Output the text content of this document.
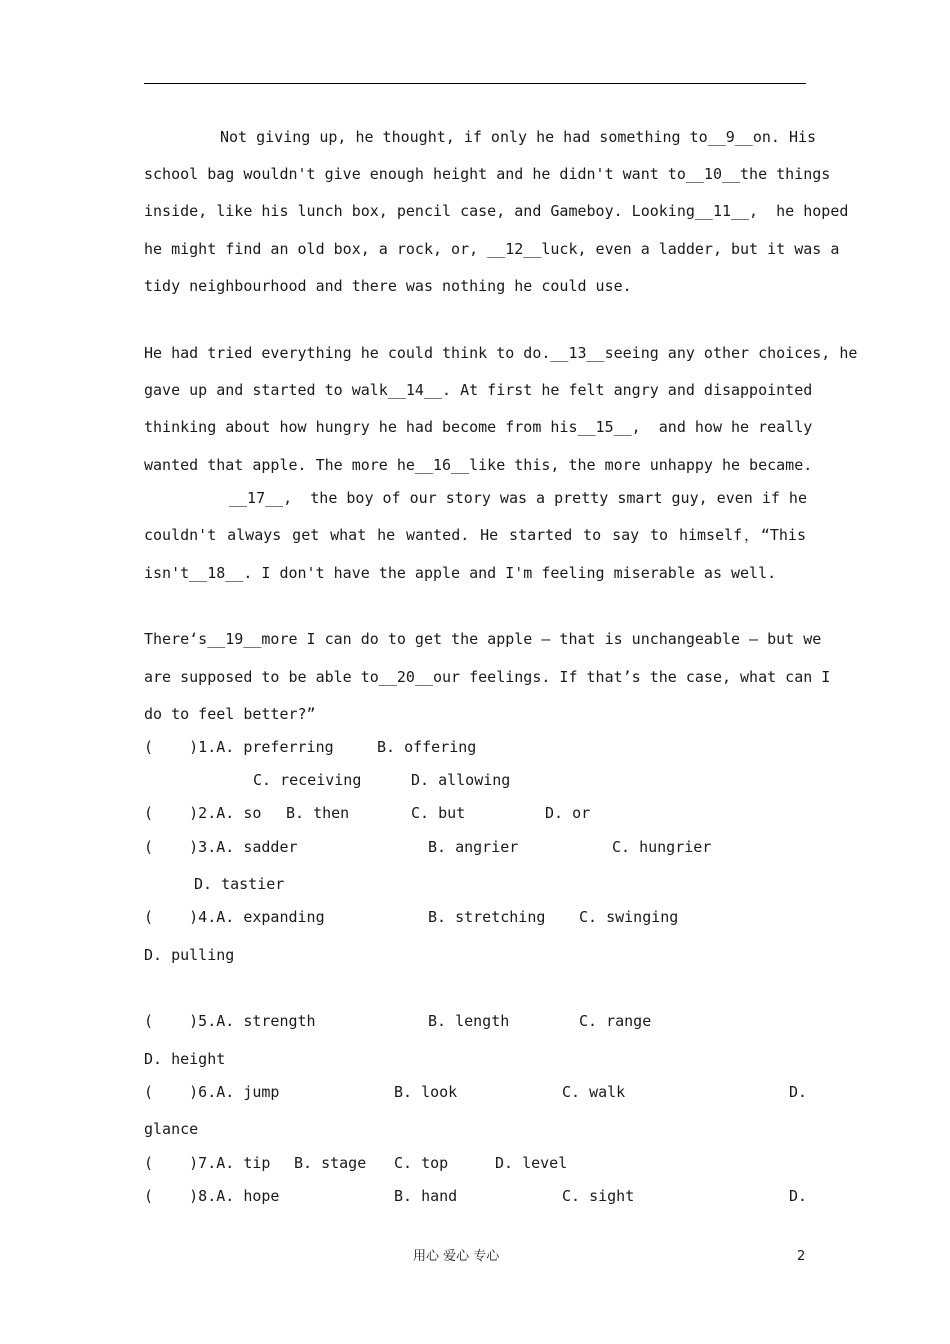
Not giving up, he thought, if only he had something to__9__on. His
school bag wouldn't give enough height and he didn't want to__10__the things
inside, like his lunch box, pencil case, and Gameboy. Looking__11__,  he hoped
he might find an old box, a rock, or, __12__luck, even a ladder, but it was a
tidy neighbourhood and there was nothing he could use.
He had tried everything he could think to do.__13__seeing any other choices, he
gave up and started to walk__14__. At first he felt angry and disappointed
thinking about how hungry he had become from his__15__,  and how he really
wanted that apple. The more he__16__like this, the more unhappy he became.
__17__,  the boy of our story was a pretty smart guy, even if he
couldn't always get what he wanted. He started to say to himself，“This
isn't__18__. I don't have the apple and I'm feeling miserable as well.
There‘s__19__more I can do to get the apple — that is unchangeable — but we
are supposed to be able to__20__our feelings. If that’s the case, what can I
do to feel better?”
(    )1.A. preferring	B. offering
C. receiving	D. allowing
(    )2.A. so B. then	C. but	D. or
(    )3.A. sadder	B. angrier	C. hungrier
D. tastier
(    )4.A. expanding	B. stretching C. swinging
D. pulling
(    )5.A. strength	B. length	C. range
D. height
(    )6.A. jump	B. look	C. walk	D.
glance
(    )7.A. tip B. stage C. top	D. level
(    )8.A. hope	B. hand	C. sight	D.
用心 爱心 专心	2
